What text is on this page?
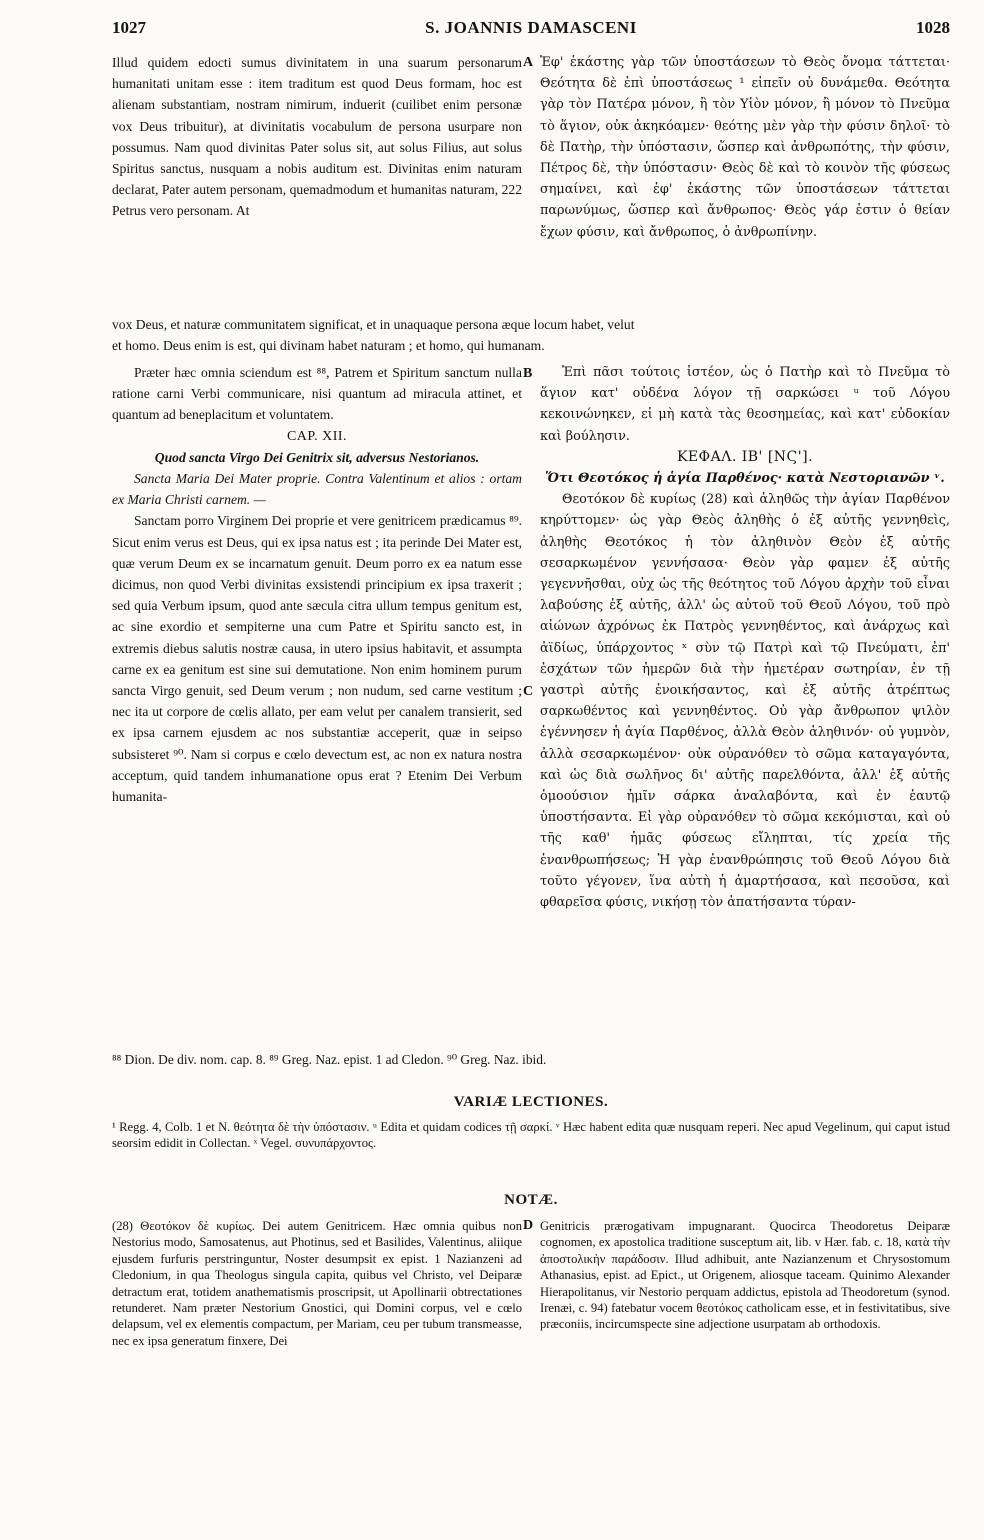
1027	S. JOANNIS DAMASCENI	1028

Illud quidem edocti sumus divinitatem in una suarum personarum humanitati unitam esse : item traditum est quod Deus formam, hoc est alienam substantiam, nostram nimirum, induerit (cuilibet enim personæ vox Deus tribuitur), at divinitatis vocabulum de persona usurpare non possumus. Nam quod divinitas Pater solus sit, aut solus Filius, aut solus Spiritus sanctus, nusquam a nobis auditum est. Divinitas enim naturam declarat, Pater autem personam, quemadmodum et humanitas naturam, 222 Petrus vero personam. At

Ἐφ' ἑκάστης γὰρ τῶν ὑποστάσεων τὸ Θεὸς ὄνομα τάττεται· Θεότητα δὲ ἐπὶ ὑποστάσεως ¹ εἰπεῖν οὐ δυνάμεθα. Θεότητα γὰρ τὸν Πατέρα μόνον, ἢ τὸν Υἱὸν μόνον, ἢ μόνον τὸ Πνεῦμα τὸ ἅγιον, οὐκ ἀκηκόαμεν· θεότης μὲν γὰρ τὴν φύσιν δηλοῖ· τὸ δὲ Πατὴρ, τὴν ὑπόστασιν, ὥσπερ καὶ ἀνθρωπότης, τὴν φύσιν, Πέτρος δὲ, τὴν ὑπόστασιν· Θεὸς δὲ καὶ τὸ κοινὸν τῆς φύσεως σημαίνει, καὶ ἐφ' ἑκάστης τῶν ὑποστάσεων τάττεται παρωνύμως, ὥσπερ καὶ ἄνθρωπος· Θεὸς γάρ ἐστιν ὁ θείαν ἔχων φύσιν, καὶ ἄνθρωπος, ὁ ἀνθρωπίνην.

A
B
C
D

vox Deus, et naturæ communitatem significat, et in unaquaque persona æque locum habet, velut

et homo. Deus enim is est, qui divinam habet naturam ; et homo, qui humanam.

Præter hæc omnia sciendum est ⁸⁸, Patrem et Spiritum sanctum nulla ratione carni Verbi communicare, nisi quantum ad miracula attinet, et quantum ad beneplacitum et voluntatem.

CAP. XII.
Quod sancta Virgo Dei Genitrix sit, adversus Nestorianos.

Sancta Maria Dei Mater proprie. Contra Valentinum et alios : ortam ex Maria Christi carnem. —

Sanctam porro Virginem Dei proprie et vere genitricem prædicamus ⁸⁹. Sicut enim verus est Deus, qui ex ipsa natus est ; ita perinde Dei Mater est, quæ verum Deum ex se incarnatum genuit. Deum porro ex ea natum esse dicimus, non quod Verbi divinitas exsistendi principium ex ipsa traxerit ; sed quia Verbum ipsum, quod ante sæcula citra ullum tempus genitum est, ac sine exordio et sempiterne una cum Patre et Spiritu sancto est, in extremis diebus salutis nostræ causa, in utero ipsius habitavit, et assumpta carne ex ea genitum est sine sui demutatione. Non enim hominem purum sancta Virgo genuit, sed Deum verum ; non nudum, sed carne vestitum ; nec ita ut corpore de cœlis allato, per eam velut per canalem transierit, sed ex ipsa carnem ejusdem ac nos substantiæ acceperit, quæ in seipso subsisteret ⁹⁰. Nam si corpus e cœlo devectum est, ac non ex natura nostra acceptum, quid tandem inhumanatione opus erat ? Etenim Dei Verbum humanita-

Ἐπὶ πᾶσι τούτοις ἰστέον, ὡς ὁ Πατὴρ καὶ τὸ Πνεῦμα τὸ ἅγιον κατ' οὐδένα λόγον τῇ σαρκώσει ᵘ τοῦ Λόγου κεκοινώνηκεν, εἰ μὴ κατὰ τὰς θεοσημείας, καὶ κατ' εὐδοκίαν καὶ βούλησιν.

ΚΕΦΑΛ. ΙΒ' [ΝϚ'].
Ὅτι Θεοτόκος ἡ ἁγία Παρθένος· κατὰ Νεστοριανῶν ᵛ.

Θεοτόκον δὲ κυρίως (28) καὶ ἀληθῶς τὴν ἁγίαν Παρθένον κηρύττομεν· ὡς γὰρ Θεὸς ἀληθὴς ὁ ἐξ αὐτῆς γεννηθεὶς, ἀληθὴς Θεοτόκος ἡ τὸν ἀληθινὸν Θεὸν ἐξ αὐτῆς σεσαρκωμένον γεννήσασα· Θεὸν γὰρ φαμεν ἐξ αὐτῆς γεγεννῆσθαι, οὐχ ὡς τῆς θεότητος τοῦ Λόγου ἀρχὴν τοῦ εἶναι λαβούσης ἐξ αὐτῆς, ἀλλ' ὡς αὐτοῦ τοῦ Θεοῦ Λόγου, τοῦ πρὸ αἰώνων ἀχρόνως ἐκ Πατρὸς γεννηθέντος, καὶ ἀνάρχως καὶ ἀϊδίως, ὑπάρχοντος ˣ σὺν τῷ Πατρὶ καὶ τῷ Πνεύματι, ἐπ' ἐσχάτων τῶν ἡμερῶν διὰ τὴν ἡμετέραν σωτηρίαν, ἐν τῇ γαστρὶ αὐτῆς ἐνοικήσαντος, καὶ ἐξ αὐτῆς ἀτρέπτως σαρκωθέντος καὶ γεννηθέντος. Οὐ γὰρ ἄνθρωπον ψιλὸν ἐγέννησεν ἡ ἁγία Παρθένος, ἀλλὰ Θεὸν ἀληθινόν· οὐ γυμνὸν, ἀλλὰ σεσαρκωμένον· οὐκ οὐρανόθεν τὸ σῶμα καταγαγόντα, καὶ ὡς διὰ σωλῆνος δι' αὐτῆς παρελθόντα, ἀλλ' ἐξ αὐτῆς ὁμοούσιον ἡμῖν σάρκα ἀναλαβόντα, καὶ ἐν ἑαυτῷ ὑποστήσαντα. Εἰ γὰρ οὐρανόθεν τὸ σῶμα κεκόμισται, καὶ οὐ τῆς καθ' ἡμᾶς φύσεως εἴληπται, τίς χρεία τῆς ἐνανθρωπήσεως; Ἡ γὰρ ἐνανθρώπησις τοῦ Θεοῦ Λόγου διὰ τοῦτο γέγονεν, ἵνα αὐτὴ ἡ ἁμαρτήσασα, καὶ πεσοῦσα, καὶ φθαρεῖσα φύσις, νικήσῃ τὸν ἀπατήσαντα τύραν-

⁸⁸ Dion. De div. nom. cap. 8. ⁸⁹ Greg. Naz. epist. 1 ad Cledon. ⁹⁰ Greg. Naz. ibid.

VARIÆ LECTIONES.

¹ Regg. 4, Colb. 1 et N. θεότητα δὲ τὴν ὑπόστασιν. ᵘ Edita et quidam codices τῇ σαρκί. ᵛ Hæc habent edita quæ nusquam reperi. Nec apud Vegelinum, qui caput istud seorsim edidit in Collectan. ˣ Vegel. συνυπάρχοντος.

NOTÆ.

(28) Θεοτόκον δὲ κυρίως. Dei autem Genitricem. Hæc omnia quibus non Nestorius modo, Samosatenus, aut Photinus, sed et Basilides, Valentinus, aliique ejusdem furfuris perstringuntur, Noster desumpsit ex epist. 1 Nazianzeni ad Cledonium, in qua Theologus singula capita, quibus vel Christo, vel Deiparæ detractum erat, totidem anathematismis proscripsit, ut Apollinarii obtrectationes retunderet. Nam præter Nestorium Gnostici, qui Domini corpus, vel e cœlo delapsum, vel ex elementis compactum, per Mariam, ceu per tubum transmeasse, nec ex ipsa generatum finxere, Dei

Genitricis prærogativam impugnarant. Quocirca Theodoretus Deiparæ cognomen, ex apostolica traditione susceptum ait, lib. v Hær. fab. c. 18, κατὰ τὴν ἀποστολικὴν παράδοσιν. Illud adhibuit, ante Nazianzenum et Chrysostomum Athanasius, epist. ad Epict., ut Origenem, aliosque taceam. Quinimo Alexander Hierapolitanus, vir Nestorio perquam addictus, epistola ad Theodoretum (synod. Irenæi, c. 94) fatebatur vocem θεοτόκος catholicam esse, et in festivitatibus, sive præconiis, incircumspecte sine adjectione usurpatam ab orthodoxis.
